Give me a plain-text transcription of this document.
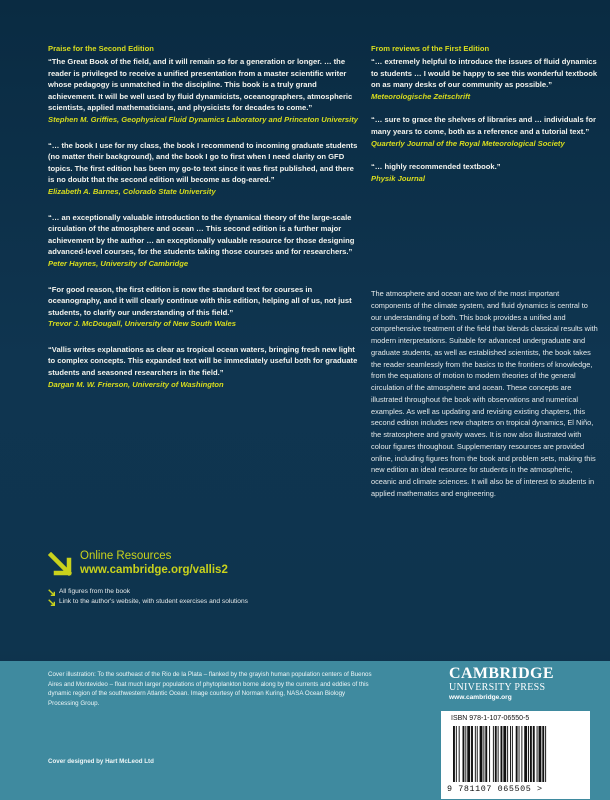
Praise for the Second Edition
“The Great Book of the field, and it will remain so for a generation or longer. … the reader is privileged to receive a unified presentation from a master scientific writer whose pedagogy is unmatched in the discipline. This book is a truly grand achievement. It will be well used by fluid dynamicists, oceanographers, atmospheric scientists, applied mathematicians, and physicists for decades to come.”
Stephen M. Griffies, Geophysical Fluid Dynamics Laboratory and Princeton University
“… the book I use for my class, the book I recommend to incoming graduate students (no matter their background), and the book I go to first when I need clarity on GFD topics. The first edition has been my go-to text since it was first published, and there is no doubt that the second edition will become as dog-eared.”
Elizabeth A. Barnes, Colorado State University
“… an exceptionally valuable introduction to the dynamical theory of the large-scale circulation of the atmosphere and ocean … This second edition is a further major achievement by the author … an exceptionally valuable resource for those designing advanced-level courses, for the students taking those courses and for researchers.”
Peter Haynes, University of Cambridge
“For good reason, the first edition is now the standard text for courses in oceanography, and it will clearly continue with this edition, helping all of us, not just students, to clarify our understanding of this field.”
Trevor J. McDougall, University of New South Wales
“Vallis writes explanations as clear as tropical ocean waters, bringing fresh new light to complex concepts. This expanded text will be immediately useful both for graduate students and seasoned researchers in the field.”
Dargan M. W. Frierson, University of Washington
From reviews of the First Edition
“… extremely helpful to introduce the issues of fluid dynamics to students … I would be happy to see this wonderful textbook on as many desks of our community as possible.”
Meteorologische Zeitschrift
“… sure to grace the shelves of libraries and … individuals for many years to come, both as a reference and a tutorial text.”
Quarterly Journal of the Royal Meteorological Society
“… highly recommended textbook.”
Physik Journal
The atmosphere and ocean are two of the most important components of the climate system, and fluid dynamics is central to our understanding of both. This book provides a unified and comprehensive treatment of the field that blends classical results with modern interpretations. Suitable for advanced undergraduate and graduate students, as well as established scientists, the book takes the reader seamlessly from the basics to the frontiers of knowledge, from the equations of motion to modern theories of the general circulation of the atmosphere and ocean. These concepts are illustrated throughout the book with observations and numerical examples. As well as updating and revising existing chapters, this second edition includes new chapters on tropical dynamics, El Niño, the stratosphere and gravity waves. It is now also illustrated with colour figures throughout. Supplementary resources are provided online, including figures from the book and problem sets, making this new edition an ideal resource for students in the atmospheric, oceanic and climate sciences. It will also be of interest to students in applied mathematics and engineering.
Online Resources
www.cambridge.org/vallis2
All figures from the book
Link to the author's website, with student exercises and solutions
Cover illustration: To the southeast of the Rio de la Plata – flanked by the grayish human population centers of Buenos Aires and Montevideo – float much larger populations of phytoplankton borne along by the currents and eddies of this dynamic region of the southwestern Atlantic Ocean. Image courtesy of Norman Kuring, NASA Ocean Biology Processing Group.
Cover designed by Hart McLeod Ltd
CAMBRIDGE
UNIVERSITY PRESS
www.cambridge.org
ISBN 978-1-107-06550-5
9 781107 065505 >
